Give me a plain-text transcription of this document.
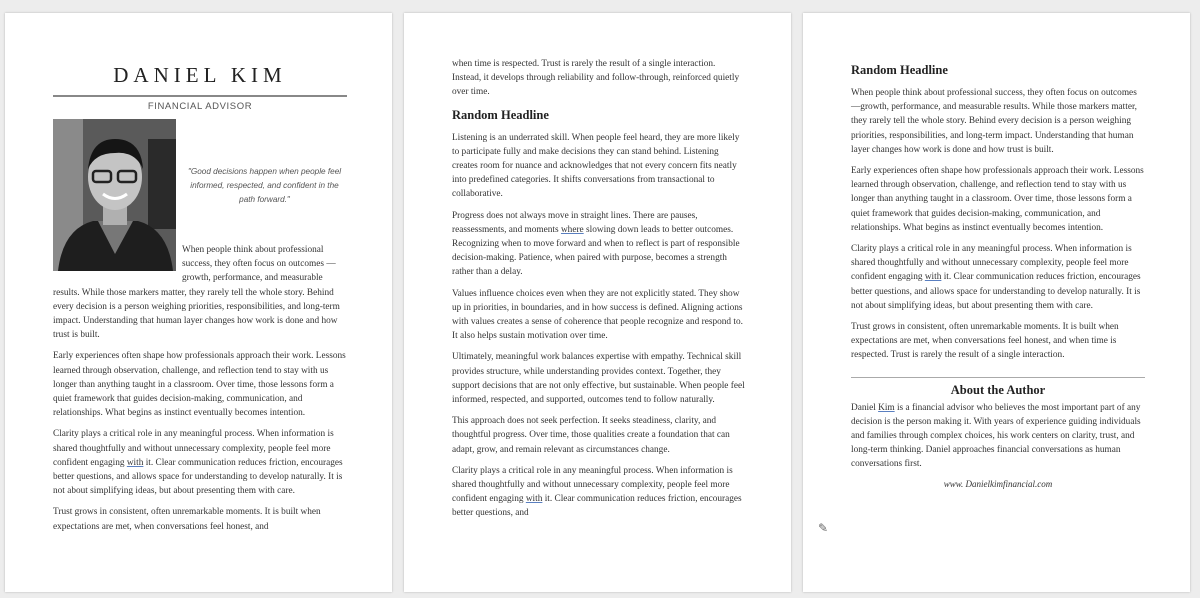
DANIEL KIM
FINANCIAL ADVISOR
"Good decisions happen when people feel informed, respected, and confident in the path forward."

When people think about professional success, they often focus on outcomes — growth, performance, and measurable results. While those markers matter, they rarely tell the whole story. Behind every decision is a person weighing priorities, responsibilities, and long-term impact. Understanding that human layer changes how work is done and how trust is built.

Early experiences often shape how professionals approach their work. Lessons learned through observation, challenge, and reflection tend to stay with us longer than anything taught in a classroom. Over time, those lessons form a quiet framework that guides decision-making, communication, and relationships. What begins as instinct eventually becomes intention.

Clarity plays a critical role in any meaningful process. When information is shared thoughtfully and without unnecessary complexity, people feel more confident engaging with it. Clear communication reduces friction, encourages better questions, and allows space for understanding to develop naturally. It is not about simplifying ideas, but about presenting them with care.

Trust grows in consistent, often unremarkable moments. It is built when expectations are met, when conversations feel honest, and

when time is respected. Trust is rarely the result of a single interaction. Instead, it develops through reliability and follow-through, reinforced quietly over time.

Random Headline

Listening is an underrated skill. When people feel heard, they are more likely to participate fully and make decisions they can stand behind. Listening creates room for nuance and acknowledges that not every concern fits neatly into predefined categories. It shifts conversations from transactional to collaborative.

Progress does not always move in straight lines. There are pauses, reassessments, and moments where slowing down leads to better outcomes. Recognizing when to move forward and when to reflect is part of responsible decision-making. Patience, when paired with purpose, becomes a strength rather than a delay.

Values influence choices even when they are not explicitly stated. They show up in priorities, in boundaries, and in how success is defined. Aligning actions with values creates a sense of coherence that people recognize and respond to. It also helps sustain motivation over time.

Ultimately, meaningful work balances expertise with empathy. Technical skill provides structure, while understanding provides context. Together, they support decisions that are not only effective, but sustainable. When people feel informed, respected, and supported, outcomes tend to follow naturally.

This approach does not seek perfection. It seeks steadiness, clarity, and thoughtful progress. Over time, those qualities create a foundation that can adapt, grow, and remain relevant as circumstances change.

Clarity plays a critical role in any meaningful process. When information is shared thoughtfully and without unnecessary complexity, people feel more confident engaging with it. Clear communication reduces friction, encourages better questions, and

Random Headline

When people think about professional success, they often focus on outcomes—growth, performance, and measurable results. While those markers matter, they rarely tell the whole story. Behind every decision is a person weighing priorities, responsibilities, and long-term impact. Understanding that human layer changes how work is done and how trust is built.

Early experiences often shape how professionals approach their work. Lessons learned through observation, challenge, and reflection tend to stay with us longer than anything taught in a classroom. Over time, those lessons form a quiet framework that guides decision-making, communication, and relationships. What begins as instinct eventually becomes intention.

Clarity plays a critical role in any meaningful process. When information is shared thoughtfully and without unnecessary complexity, people feel more confident engaging with it. Clear communication reduces friction, encourages better questions, and allows space for understanding to develop naturally. It is not about simplifying ideas, but about presenting them with care.

Trust grows in consistent, often unremarkable moments. It is built when expectations are met, when conversations feel honest, and when time is respected. Trust is rarely the result of a single interaction.

About the Author

Daniel Kim is a financial advisor who believes the most important part of any decision is the person making it. With years of experience guiding individuals and families through complex choices, his work centers on clarity, trust, and long-term thinking. Daniel approaches financial conversations as human conversations first.

www. Danielkimfinancial.com
✎
